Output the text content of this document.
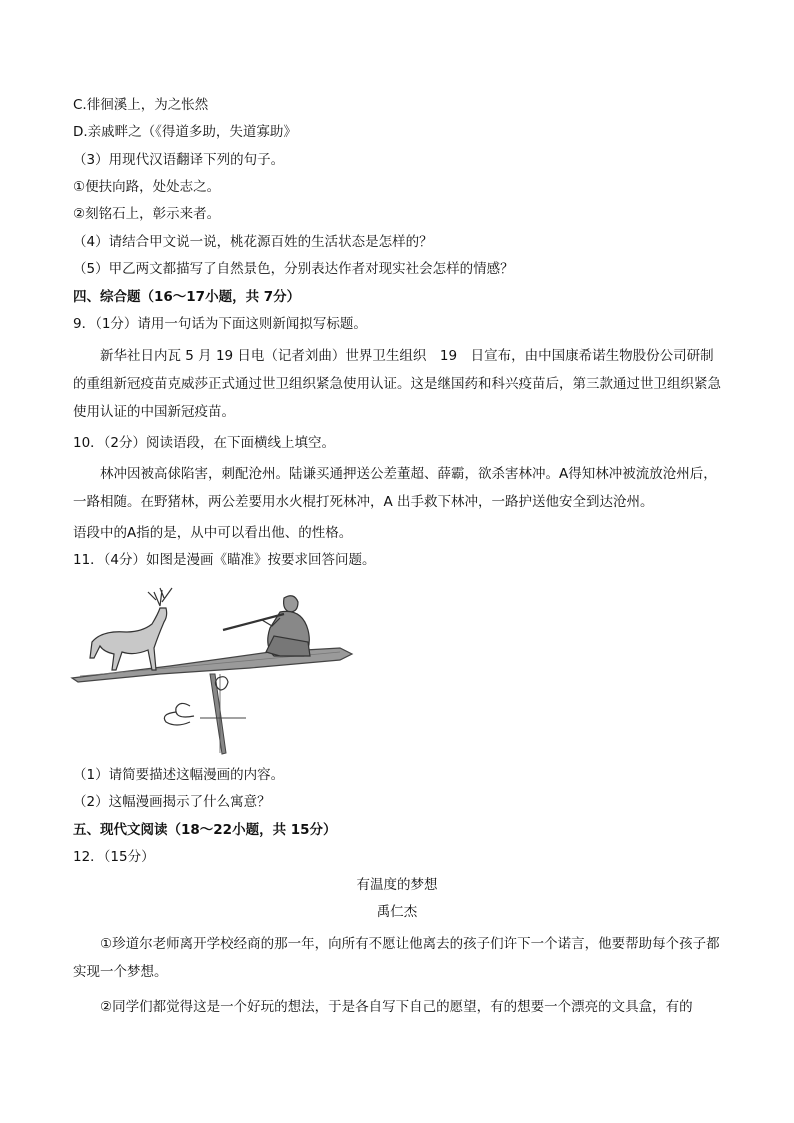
C.徘徊溪上，为之怅然
D.亲戚畔之（《得道多助，失道寡助》
（3）用现代汉语翻译下列的句子。
①便扶向路，处处志之。
②刻铭石上，彰示来者。
（4）请结合甲文说一说，桃花源百姓的生活状态是怎样的？
（5）甲乙两文都描写了自然景色，分别表达作者对现实社会怎样的情感？
四、综合题（16～17小题，共 7分）
9．（1分）请用一句话为下面这则新闻拟写标题。
新华社日内瓦 5 月 19 日电（记者刘曲）世界卫生组织　19　日宣布，由中国康希诺生物股份公司研制的重组新冠疫苗克威莎正式通过世卫组织紧急使用认证。这是继国药和科兴疫苗后，第三款通过世卫组织紧急使用认证的中国新冠疫苗。
10．（2分）阅读语段，在下面横线上填空。
林冲因被高俅陷害，刺配沧州。陆谦买通押送公差董超、薛霸，欲杀害林冲。A得知林冲被流放沧州后，一路相随。在野猪林，两公差要用水火棍打死林冲，A 出手救下林冲，一路护送他安全到达沧州。
语段中的A指的是，从中可以看出他、的性格。
11．（4分）如图是漫画《瞄准》按要求回答问题。
（1）请简要描述这幅漫画的内容。
（2）这幅漫画揭示了什么寓意？
五、现代文阅读（18～22小题，共 15分）
12．（15分）
有温度的梦想
禹仁杰
①珍道尔老师离开学校经商的那一年，向所有不愿让他离去的孩子们许下一个诺言，他要帮助每个孩子都实现一个梦想。
②同学们都觉得这是一个好玩的想法，于是各自写下自己的愿望，有的想要一个漂亮的文具盒，有的
